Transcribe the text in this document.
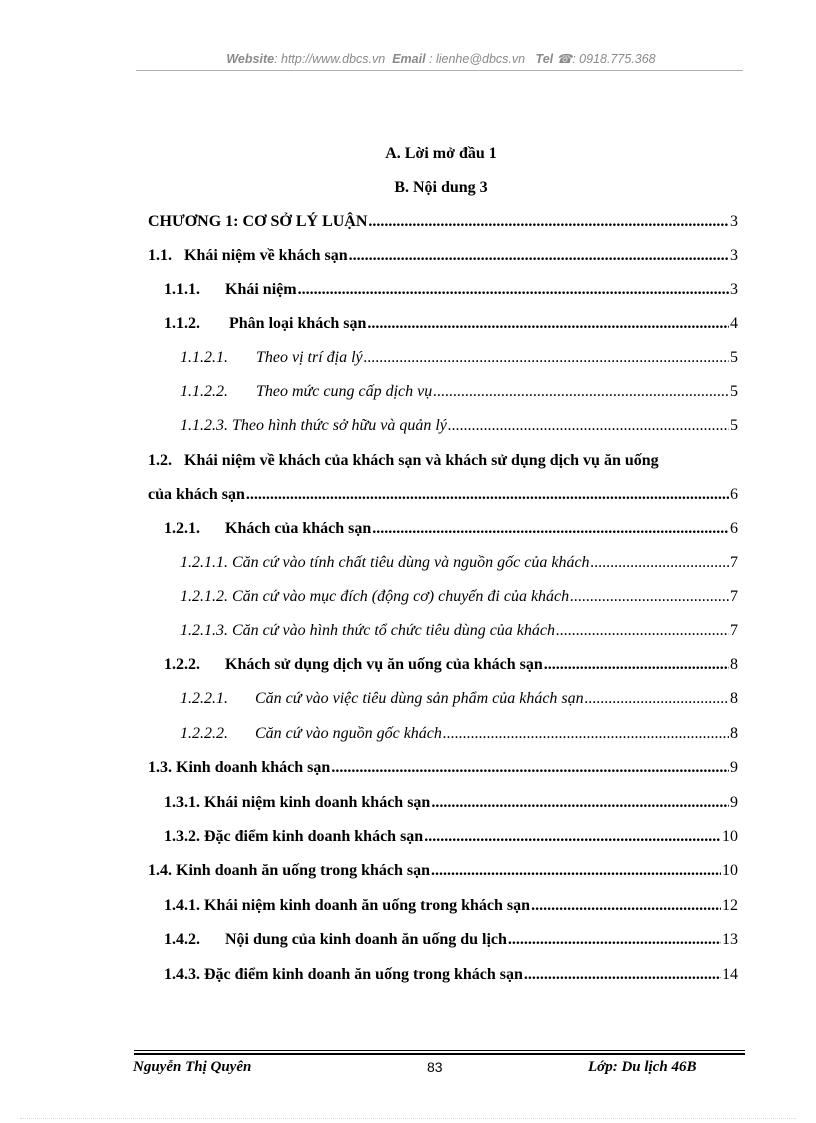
Website: http://www.dbcs.vn Email : lienhe@dbcs.vn Tel ☎: 0918.775.368
A. Lời mở đầu 1
B. Nội dung 3
CHƯƠNG 1: CƠ SỞ LÝ LUẬN .....	3
1.1. Khái niệm về khách sạn .....	3
1.1.1. Khái niệm .....	3
1.1.2. Phân loại khách sạn .....	4
1.1.2.1. Theo vị trí địa lý .....	5
1.1.2.2. Theo mức cung cấp dịch vụ .....	5
1.1.2.3. Theo hình thức sở hữu và quản lý .....	5
1.2. Khái niệm về khách của khách sạn và khách sử dụng dịch vụ ăn uống
của khách sạn .....	6
1.2.1. Khách của khách sạn .....	6
1.2.1.1. Căn cứ vào tính chất tiêu dùng và nguồn gốc của khách .....	7
1.2.1.2. Căn cứ vào mục đích (động cơ) chuyến đi của khách .....	7
1.2.1.3. Căn cứ vào hình thức tổ chức tiêu dùng của khách .....	7
1.2.2. Khách sử dụng dịch vụ ăn uống của khách sạn .....	8
1.2.2.1. Căn cứ vào việc tiêu dùng sản phẩm của khách sạn .....	8
1.2.2.2. Căn cứ vào nguồn gốc khách .....	8
1.3. Kinh doanh khách sạn .....	9
1.3.1. Khái niệm kinh doanh khách sạn .....	9
1.3.2. Đặc điểm kinh doanh khách sạn .....	10
1.4. Kinh doanh ăn uống trong khách sạn .....	10
1.4.1. Khái niệm kinh doanh ăn uống trong khách sạn .....	12
1.4.2. Nội dung của kinh doanh ăn uống du lịch .....	13
1.4.3. Đặc điểm kinh doanh ăn uống trong khách sạn .....	14
Nguyễn Thị Quyên	83	Lớp: Du lịch 46B
